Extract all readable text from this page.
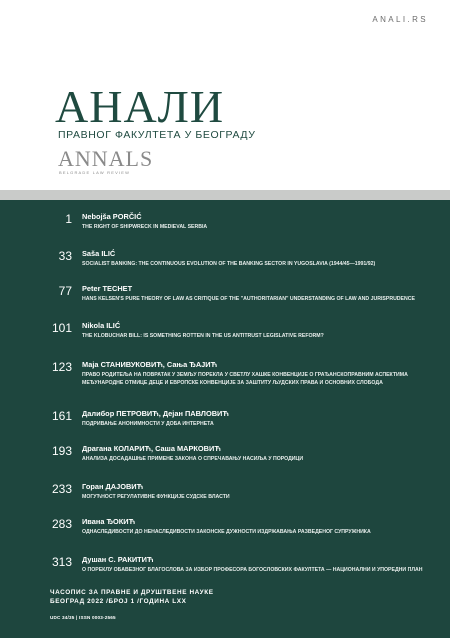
ANALI.RS
АНАЛИ
ПРАВНОГ ФАКУЛТЕТА У БЕОГРАДУ
ANNALS
BELGRADE LAW REVIEW
1 Nebojša PORČIĆ
THE RIGHT OF SHIPWRECK IN MEDIEVAL SERBIA
33 Saša ILIĆ
SOCIALIST BANKING: THE CONTINUOUS EVOLUTION OF THE BANKING SECTOR IN YUGOSLAVIA (1944/45—1991/92)
77 Peter TECHET
HANS KELSEN'S PURE THEORY OF LAW AS CRITIQUE OF THE "AUTHORITARIAN" UNDERSTANDING OF LAW AND JURISPRUDENCE
101 Nikola ILIĆ
THE KLOBUCHAR BILL: IS SOMETHING ROTTEN IN THE US ANTITRUST LEGISLATIVE REFORM?
123 Маја СТАНИВУКОВИЋ, Сања ЂАЈИЋ
ПРАВО РОДИТЕЉА НА ПОВРАТАК У ЗЕМЉУ ПОРЕКЛА У СВЕТЛУ ХАШКЕ КОНВЕНЦИЈЕ О ГРАЂАНСКОПРАВНИМ АСПЕКТИМА МЕЂУНАРОДНЕ ОТМИЦЕ ДЕЦЕ И ЕВРОПСКЕ КОНВЕНЦИЈЕ ЗА ЗАШТИТУ ЉУДСКИХ ПРАВА И ОСНОВНИХ СЛОБОДА
161 Далибор ПЕТРОВИЋ, Дејан ПАВЛОВИЋ
ПОДРИВАЊЕ АНОНИМНОСТИ У ДОБА ИНТЕРНЕТА
193 Драгана КОЛАРИЋ, Саша МАРКОВИЋ
АНАЛИЗА ДОСАДАШЊЕ ПРИМЕНЕ ЗАКОНА О СПРЕЧАВАЊУ НАСИЉА У ПОРОДИЦИ
233 Горан ДАЈОВИЋ
МОГУЋНОСТ РЕГУЛАТИВНЕ ФУНКЦИЈЕ СУДСКЕ ВЛАСТИ
283 Ивана ЂОКИЋ
ОДНАСЛЕДИВОСТИ ДО НЕНАСЛЕДИВОСТИ ЗАКОНСКЕ ДУЖНОСТИ ИЗДРЖАВАЊА РАЗВЕДЕНОГ СУПРУЖНИКА
313 Душан С. РАКИТИЋ
О ПОРЕКЛУ ОБАВЕЗНОГ БЛАГОСЛОВА ЗА ИЗБОР ПРОФЕСОРА БОГОСЛОВСКИХ ФАКУЛТЕТА — НАЦИОНАЛНИ И УПОРЕДНИ ПЛАН
ЧАСОПИС ЗА ПРАВНЕ И ДРУШТВЕНЕ НАУКЕ
БЕОГРАД 2022 /БРОЈ 1 /ГОДИНА LXX
UDC 34/35 | ISSN 0003-2565
